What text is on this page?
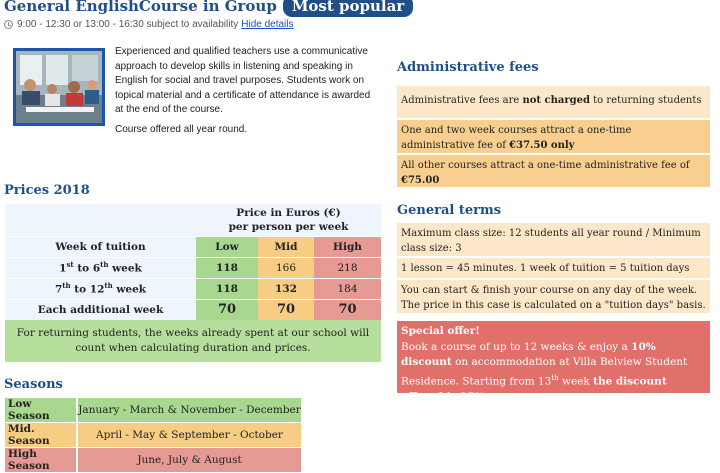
General EnglishCourse in Group	Most popular
9:00 - 12:30 or 13:00 - 16:30 subject to availability Hide details

Experienced and qualified teachers use a communicative approach to develop skills in listening and speaking in English for social and travel purposes. Students work on topical material and a certificate of attendance is awarded at the end of the course.

Course offered all year round.

Prices 2018

	Price in Euros (€)
per person per week		

Week of tuition	Low	Mid	High
1st to 6th week	118	166	218
7th to 12th week	118	132	184
Each additional week	70	70	70
For returning students, the weeks already spent at our school will count when calculating duration and prices.
Seasons
Low Season	January - March & November - December
Mid. Season	April - May & September - October
High Season	June, July & August
Administrative fees
Administrative fees are not charged to returning students
One and two week courses attract a one-time administrative fee of €37.50 only
All other courses attract a one-time administrative fee of €75.00
General terms
Maximum class size: 12 students all year round / Minimum class size: 3
1 lesson = 45 minutes. 1 week of tuition = 5 tuition days
You can start & finish your course on any day of the week. The price in this case is calculated on a "tuition days" basis.
Special offer!
Book a course of up to 12 weeks & enjoy a 10% discount on accommodation at Villa Belview Student Residence. Starting from 13th week the discount offered is 25%
